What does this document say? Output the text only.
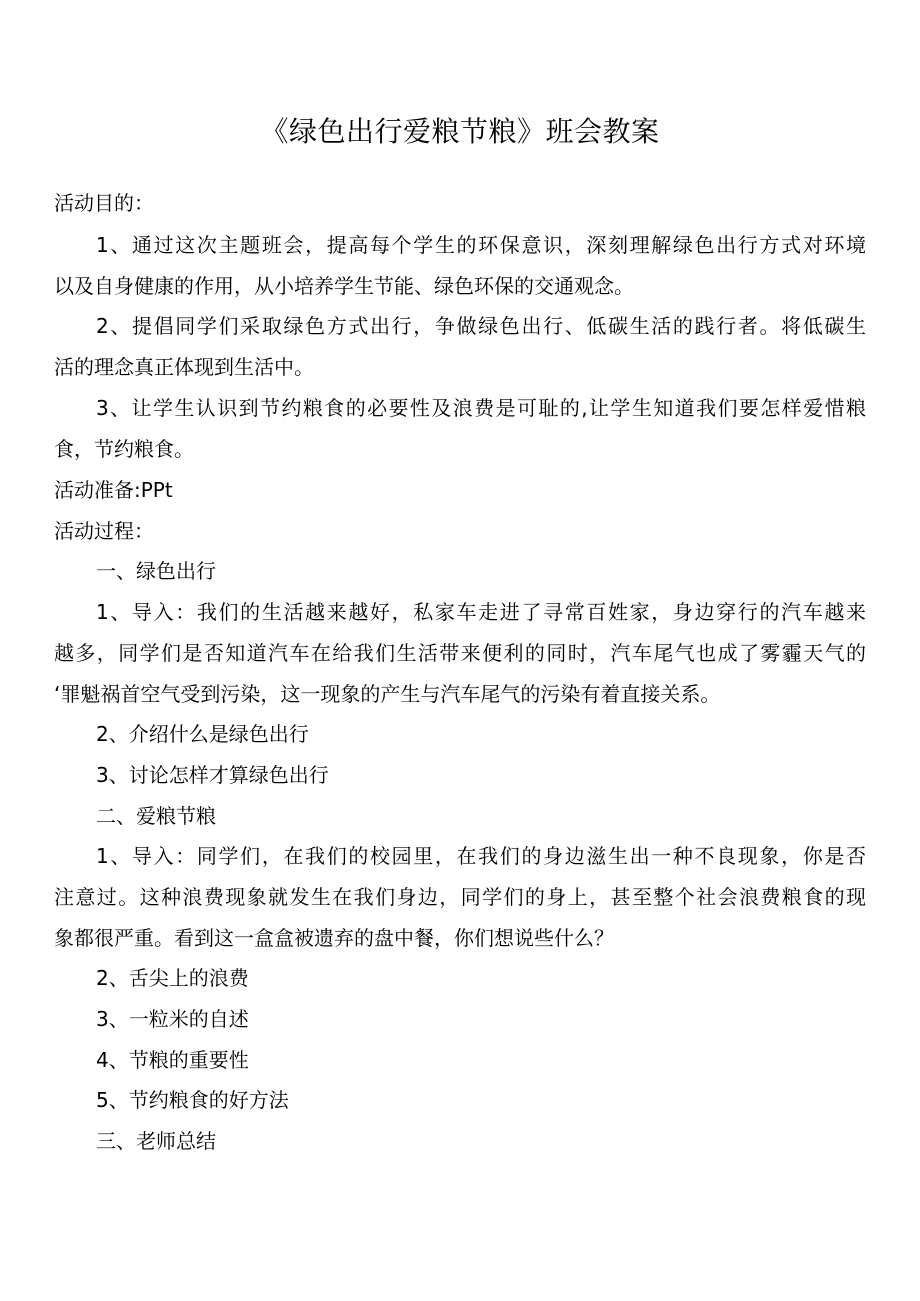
《绿色出行爱粮节粮》班会教案
活动目的：
1、通过这次主题班会，提高每个学生的环保意识，深刻理解绿色出行方式对环境
以及自身健康的作用，从小培养学生节能、绿色环保的交通观念。
2、提倡同学们采取绿色方式出行，争做绿色出行、低碳生活的践行者。将低碳生
活的理念真正体现到生活中。
3、让学生认识到节约粮食的必要性及浪费是可耻的,让学生知道我们要怎样爱惜粮
食，节约粮食。
活动准备:PPt
活动过程：
一、绿色出行
1、导入：我们的生活越来越好，私家车走进了寻常百姓家，身边穿行的汽车越来
越多，同学们是否知道汽车在给我们生活带来便利的同时，汽车尾气也成了雾霾天气的
‘罪魁祸首空气受到污染，这一现象的产生与汽车尾气的污染有着直接关系。
2、介绍什么是绿色出行
3、讨论怎样才算绿色出行
二、爱粮节粮
1、导入：同学们，在我们的校园里，在我们的身边滋生出一种不良现象，你是否
注意过。这种浪费现象就发生在我们身边，同学们的身上，甚至整个社会浪费粮食的现
象都很严重。看到这一盒盒被遗弃的盘中餐，你们想说些什么？
2、舌尖上的浪费
3、一粒米的自述
4、节粮的重要性
5、节约粮食的好方法
三、老师总结
